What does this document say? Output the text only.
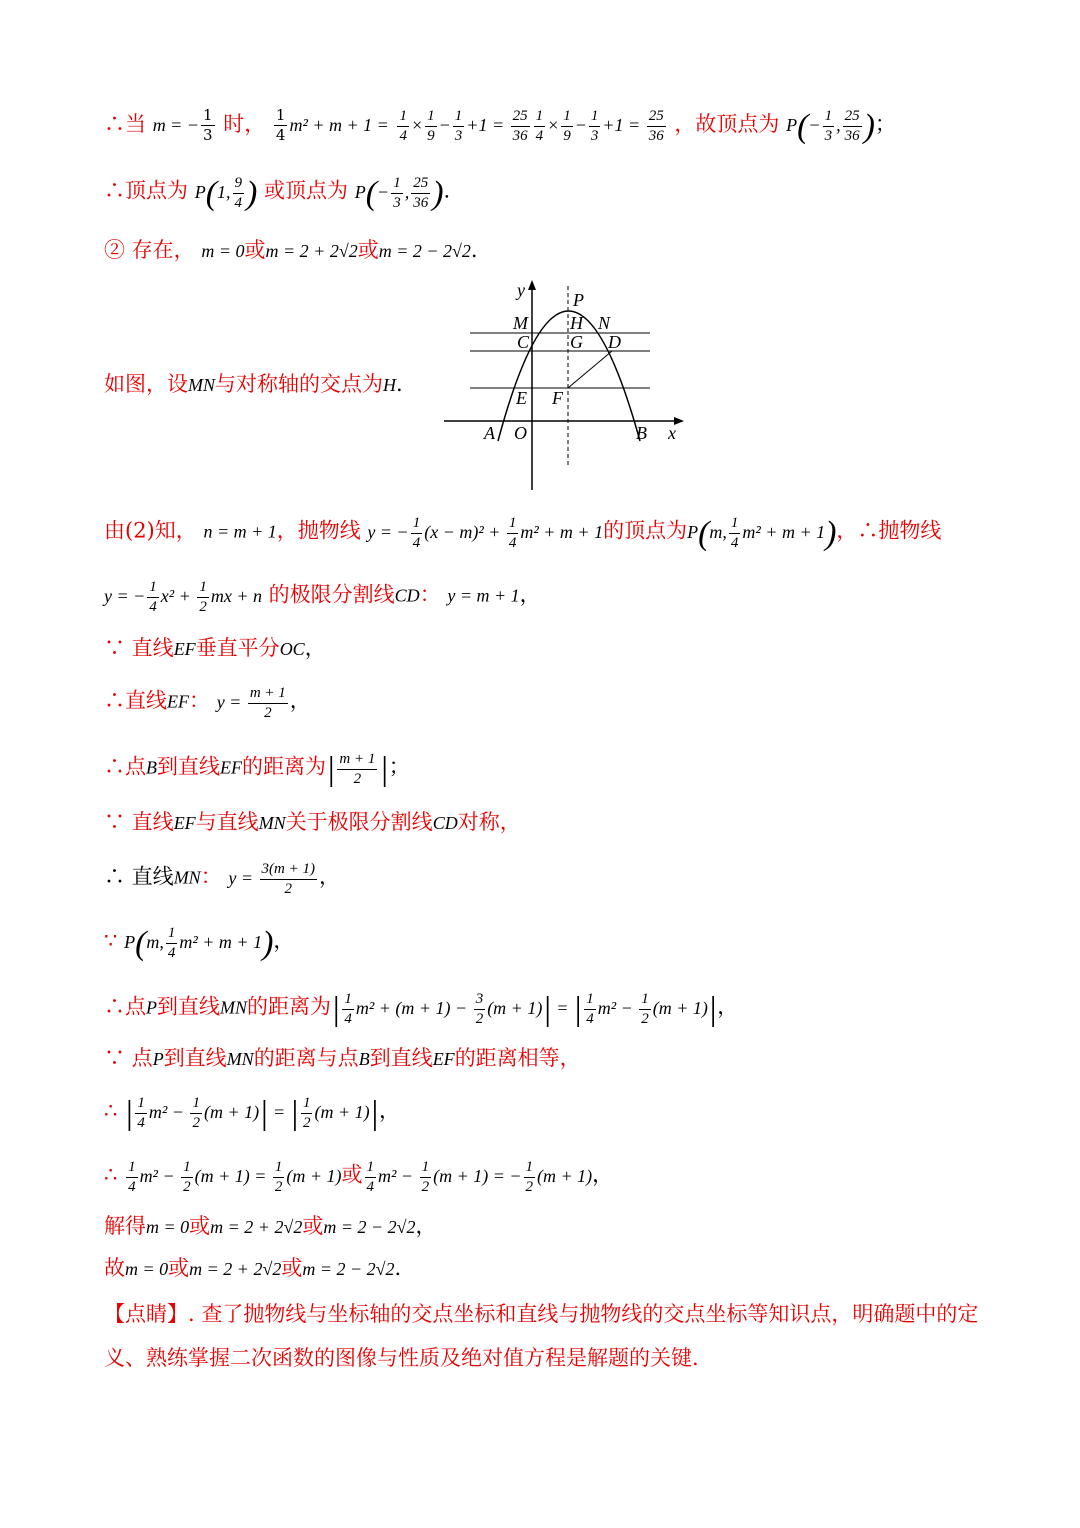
∴当 m = − $\frac{1}{3}$ 时， $\frac{1}{4} m^2 + m + 1 = \frac{1}{4} \times \frac{1}{9} - \frac{1}{3} +1 = \frac{25}{36} \frac{1}{4} \times \frac{1}{9} - \frac{1}{3} +1 = \frac{25}{36}$ ，故顶点为 $P(- \frac{1}{3}$ , $\frac{25}{36}$ )；
∴顶点为 P(1, $\frac{9}{4}$ ) 或顶点为 $P(- \frac{1}{3}$ , $\frac{25}{36}$ ).
② 存在， m = 0或m = 2 + 2√2或m = 2 − 2√2.
如图，设MN与对称轴的交点为H.
y	P
M H N
C G D
E F
A O	B x
由(2)知， n = m + 1，抛物线 y = − $\frac{1}{4} (x - m)^2 + \frac{1}{4} m^2 + m + 1$的顶点为P(m, $\frac{1}{4} m^2 + m + 1$)，∴抛物线
y = − $\frac{1}{4} x^2 + \frac{1}{2}$ mx + n 的极限分割线CD： y = m + 1，
∵ 直线EF垂直平分OC，
∴直线EF： $y = \frac{m + 1}{2}$ ，
∴点B到直线EF的距离为| $\frac{m + 1}{2}$ |；
∵ 直线EF与直线MN关于极限分割线CD对称，
∴ 直线MN： $y = \frac{3(m + 1)}{2}$ ，
∵ P(m, $\frac{1}{4} m^2 + m + 1$)，
∴点P到直线MN的距离为| $\frac{1}{4} m^2 + (m + 1) - \frac{3}{2} (m + 1)|$ = | $\frac{1}{4} m^2 - \frac{1}{2} (m + 1)|$，
∵ 点P到直线MN的距离与点B到直线EF的距离相等，
∴ | $\frac{1}{4} m^2 - \frac{1}{2} (m + 1)|$ = | $\frac{1}{2} (m + 1)|$，
∴ $\frac{1}{4} m^2 - \frac{1}{2} (m + 1) = \frac{1}{2} (m + 1)$或 $\frac{1}{4} m^2 - \frac{1}{2} (m + 1)$ = − $\frac{1}{2} (m + 1)$，
解得m = 0或m = 2 + 2√2或m = 2 − 2√2，
故m = 0或m = 2 + 2√2或m = 2 − 2√2.
【点睛】. 查了抛物线与坐标轴的交点坐标和直线与抛物线的交点坐标等知识点，明确题中的定义、熟练掌握二次函数的图像与性质及绝对值方程是解题的关键.
